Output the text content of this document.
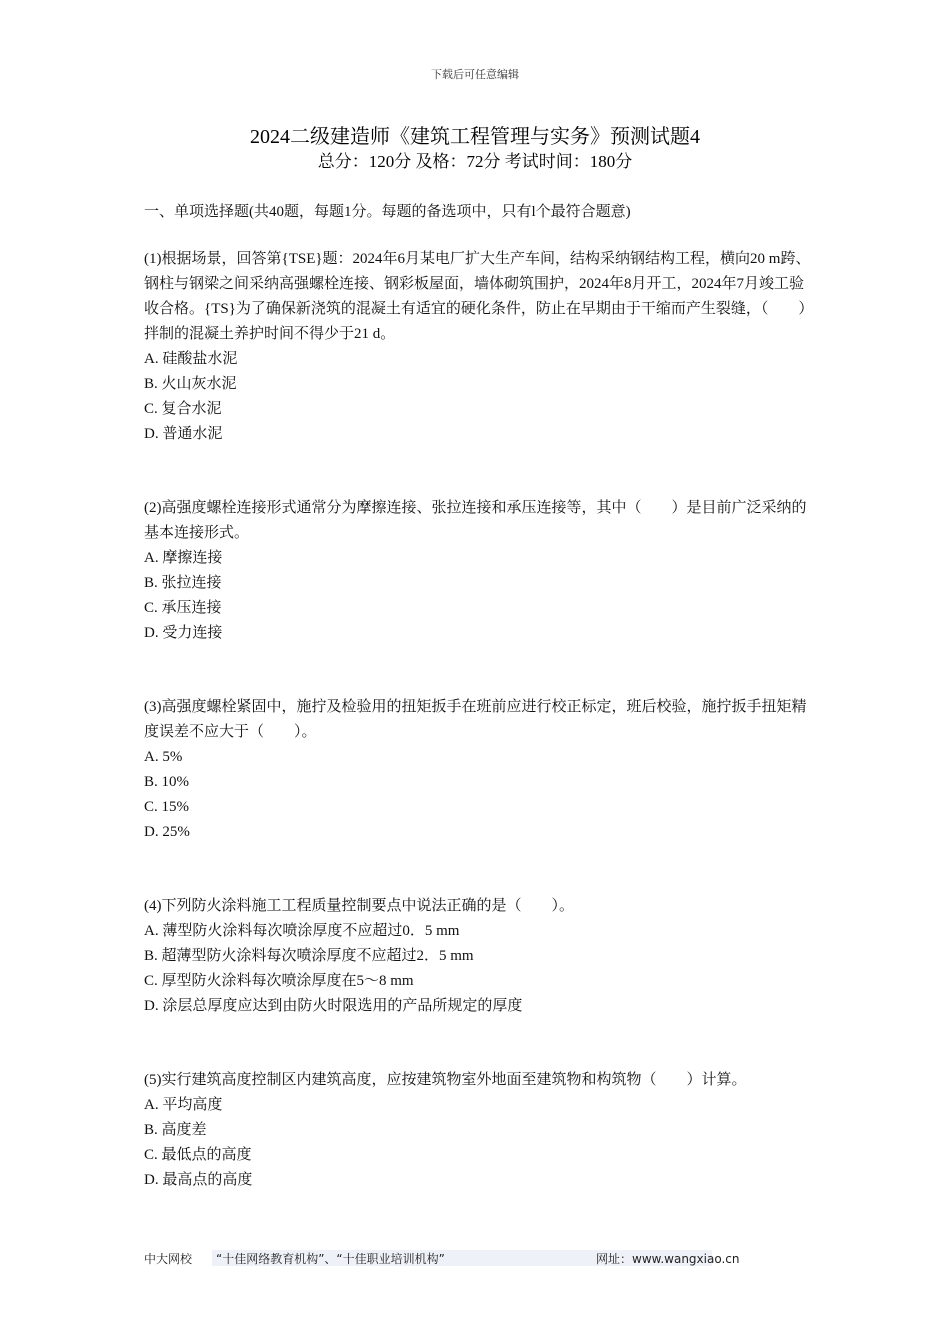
下载后可任意编辑
2024二级建造师《建筑工程管理与实务》预测试题4
总分：120分 及格：72分 考试时间：180分

一、单项选择题(共40题，每题1分。每题的备选项中，只有l个最符合题意)

(1)根据场景，回答第{TSE}题：2024年6月某电厂扩大生产车间，结构采纳钢结构工程，横向20 m跨、钢柱与钢梁之间采纳高强螺栓连接、钢彩板屋面，墙体砌筑围护，2024年8月开工，2024年7月竣工验收合格。{TS}为了确保新浇筑的混凝土有适宜的硬化条件，防止在早期由于干缩而产生裂缝，（　　）拌制的混凝土养护时间不得少于21 d。

A. 硅酸盐水泥
B. 火山灰水泥
C. 复合水泥
D. 普通水泥

(2)高强度螺栓连接形式通常分为摩擦连接、张拉连接和承压连接等，其中（　　）是目前广泛采纳的基本连接形式。

A. 摩擦连接
B. 张拉连接
C. 承压连接
D. 受力连接

(3)高强度螺栓紧固中，施拧及检验用的扭矩扳手在班前应进行校正标定，班后校验，施拧扳手扭矩精度误差不应大于（　　）。

A. 5%
B. 10%
C. 15%
D. 25%

(4)下列防火涂料施工工程质量控制要点中说法正确的是（　　）。

A. 薄型防火涂料每次喷涂厚度不应超过0．5 mm
B. 超薄型防火涂料每次喷涂厚度不应超过2．5 mm
C. 厚型防火涂料每次喷涂厚度在5～8 mm
D. 涂层总厚度应达到由防火时限选用的产品所规定的厚度

(5)实行建筑高度控制区内建筑高度，应按建筑物室外地面至建筑物和构筑物（　　）计算。

A. 平均高度
B. 高度差
C. 最低点的高度
D. 最高点的高度
中大网校	“十佳网络教育机构”、“十佳职业培训机构”	网址：www.wangxiao.cn
